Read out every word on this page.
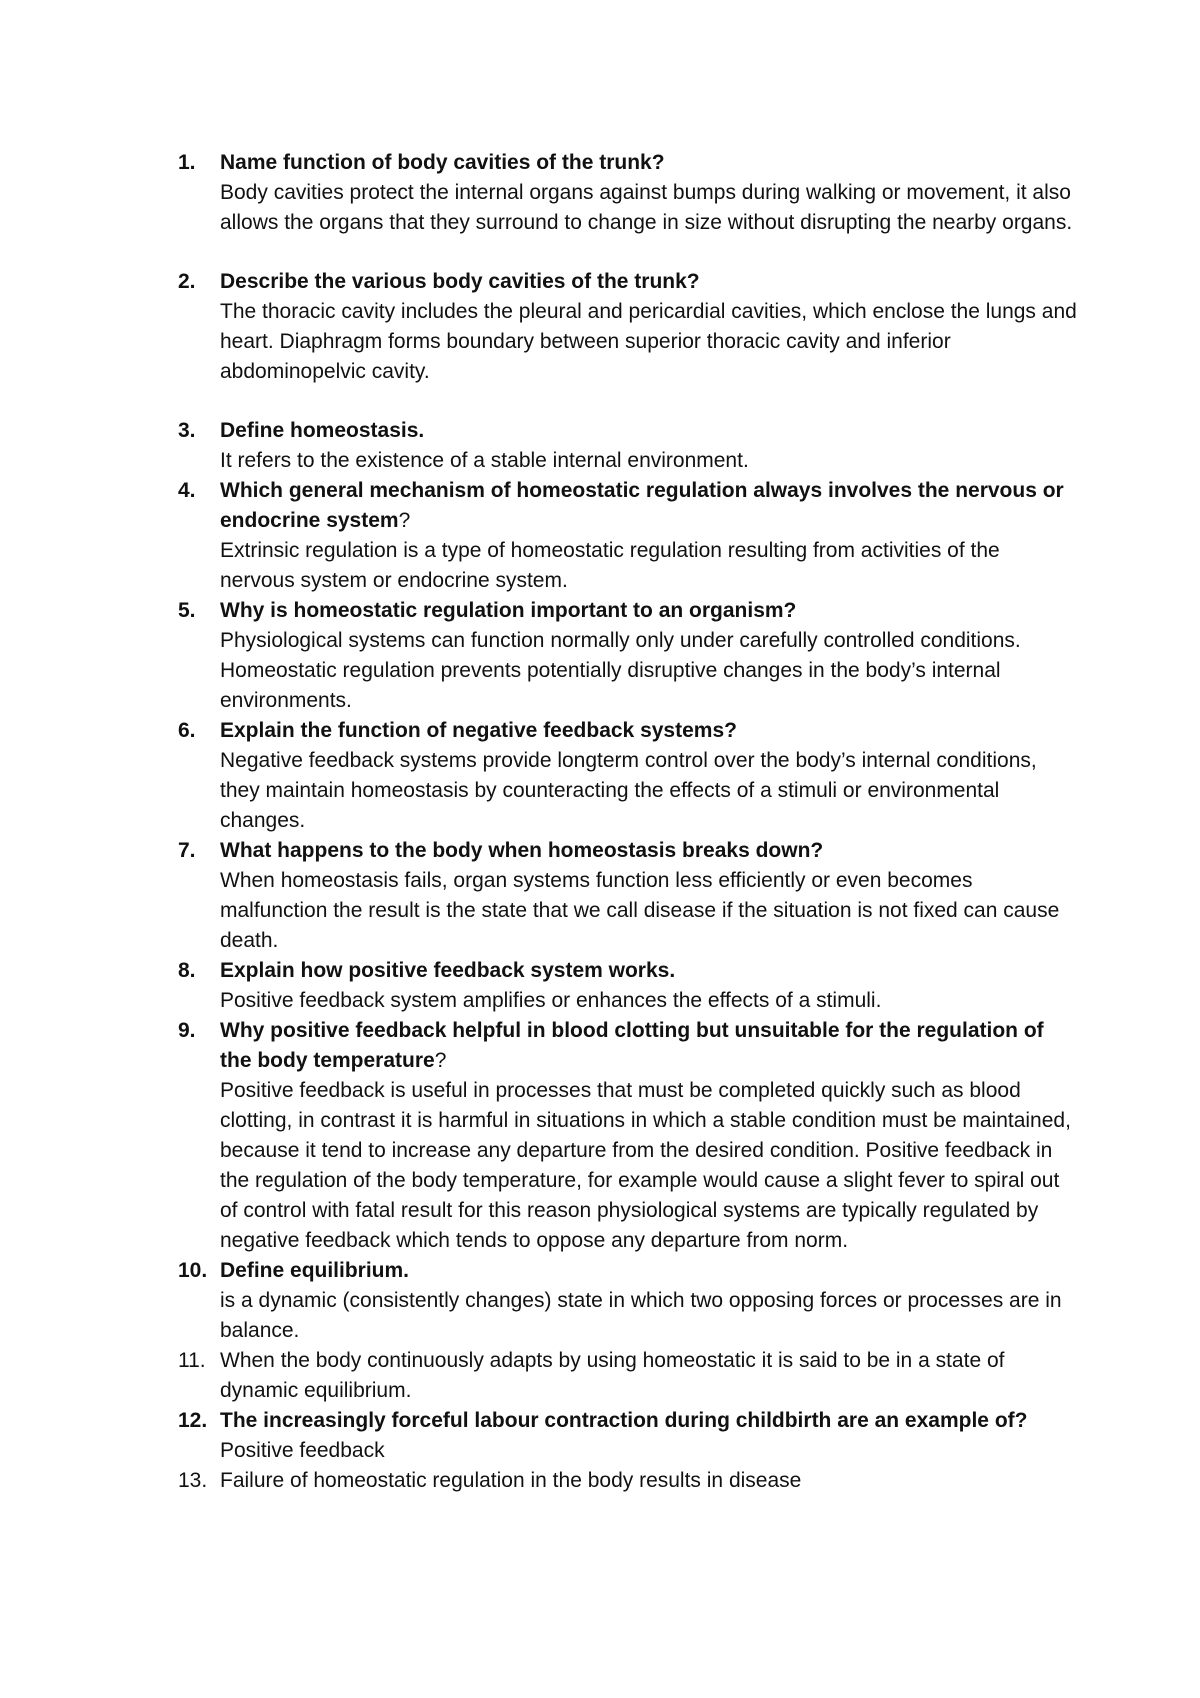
1.	Name function of body cavities of the trunk?
Body cavities protect the internal organs against bumps during walking or movement, it also allows the organs that they surround to change in size without disrupting the nearby organs.
2.	Describe the various body cavities of the trunk?
The thoracic cavity includes the pleural and pericardial cavities, which enclose the lungs and heart. Diaphragm forms boundary between superior thoracic cavity and inferior abdominopelvic cavity.
3.	Define homeostasis.
It refers to the existence of a stable internal environment.
4.	Which general mechanism of homeostatic regulation always involves the nervous or endocrine system?
Extrinsic regulation is a type of homeostatic regulation resulting from activities of the nervous system or endocrine system.
5.	Why is homeostatic regulation important to an organism?
Physiological systems can function normally only under carefully controlled conditions. Homeostatic regulation prevents potentially disruptive changes in the body’s internal environments.
6.	Explain the function of negative feedback systems?
Negative feedback systems provide longterm control over the body’s internal conditions, they maintain homeostasis by counteracting the effects of a stimuli or environmental changes.
7.	What happens to the body when homeostasis breaks down?
When homeostasis fails, organ systems function less efficiently or even becomes malfunction the result is the state that we call disease if the situation is not fixed can cause death.
8.	Explain how positive feedback system works.
Positive feedback system amplifies or enhances the effects of a stimuli.
9.	Why positive feedback helpful in blood clotting but unsuitable for the regulation of the body temperature?
Positive feedback is useful in processes that must be completed quickly such as blood clotting, in contrast it is harmful in situations in which a stable condition must be maintained, because it tend to increase any departure from the desired condition. Positive feedback in the regulation of the body temperature, for example would cause a slight fever to spiral out of control with fatal result for this reason physiological systems are typically regulated by negative feedback which tends to oppose any departure from norm.
10. Define equilibrium.
is a dynamic (consistently changes) state in which two opposing forces or processes are in balance.
11. When the body continuously adapts by using homeostatic it is said to be in a state of dynamic equilibrium.
12. The increasingly forceful labour contraction during childbirth are an example of?
Positive feedback
13. Failure of homeostatic regulation in the body results in disease
